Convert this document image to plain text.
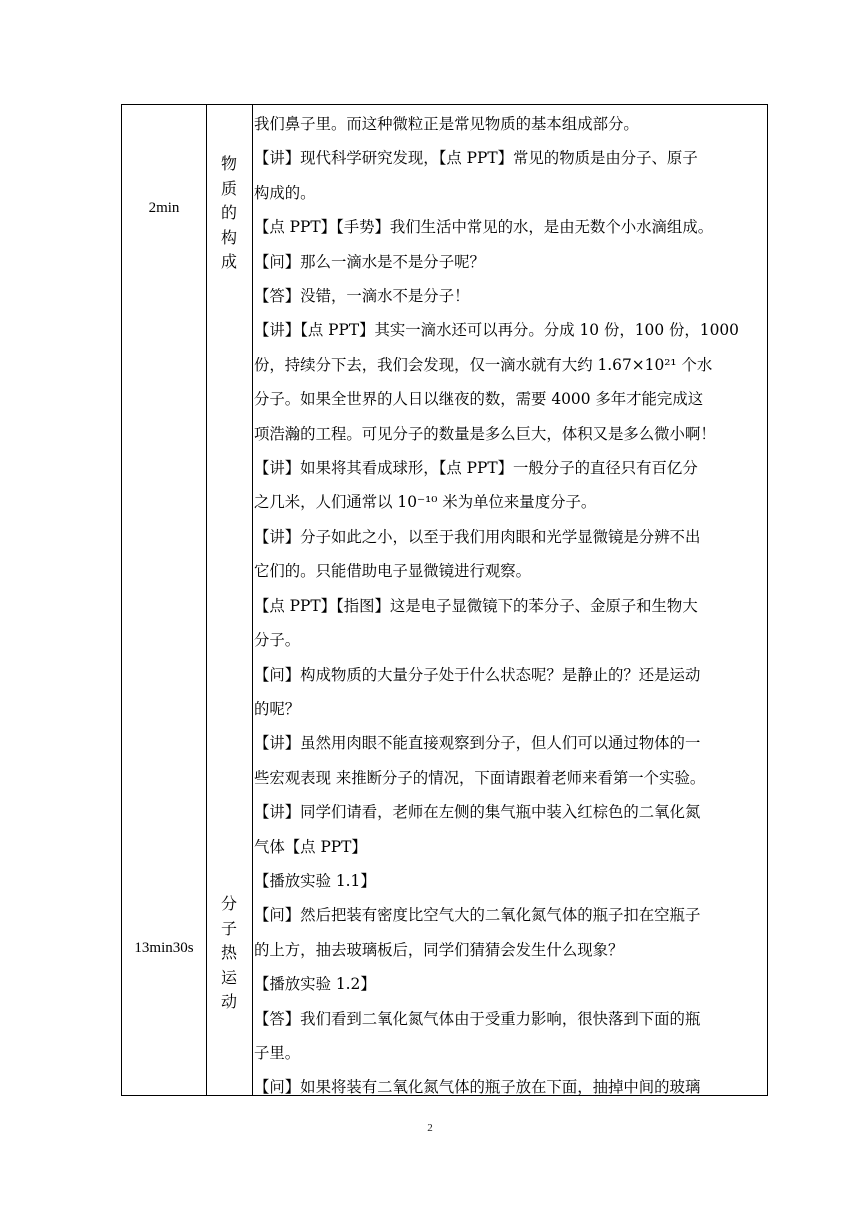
2min
物
质
的
构
成
13min30s
分
子
热
运
动

我们鼻子里。而这种微粒正是常见物质的基本组成部分。

【讲】现代科学研究发现，【点 PPT】常见的物质是由分子、原子

构成的。

【点 PPT】【手势】我们生活中常见的水，是由无数个小水滴组成。

【问】那么一滴水是不是分子呢？

【答】没错，一滴水不是分子！

【讲】【点 PPT】其实一滴水还可以再分。分成 10 份，100 份，1000

份，持续分下去，我们会发现，仅一滴水就有大约 1.67×10²¹ 个水

分子。如果全世界的人日以继夜的数，需要 4000 多年才能完成这

项浩瀚的工程。可见分子的数量是多么巨大，体积又是多么微小啊！

【讲】如果将其看成球形，【点 PPT】一般分子的直径只有百亿分

之几米，人们通常以 10⁻¹⁰ 米为单位来量度分子。

【讲】分子如此之小，以至于我们用肉眼和光学显微镜是分辨不出

它们的。只能借助电子显微镜进行观察。

【点 PPT】【指图】这是电子显微镜下的苯分子、金原子和生物大

分子。

【问】构成物质的大量分子处于什么状态呢？是静止的？还是运动

的呢？

【讲】虽然用肉眼不能直接观察到分子，但人们可以通过物体的一

些宏观表现 来推断分子的情况，下面请跟着老师来看第一个实验。

【讲】同学们请看，老师在左侧的集气瓶中装入红棕色的二氧化氮

气体【点 PPT】

【播放实验 1.1】

【问】然后把装有密度比空气大的二氧化氮气体的瓶子扣在空瓶子

的上方，抽去玻璃板后，同学们猜猜会发生什么现象？

【播放实验 1.2】

【答】我们看到二氧化氮气体由于受重力影响，很快落到下面的瓶

子里。

【问】如果将装有二氧化氮气体的瓶子放在下面，抽掉中间的玻璃

2
